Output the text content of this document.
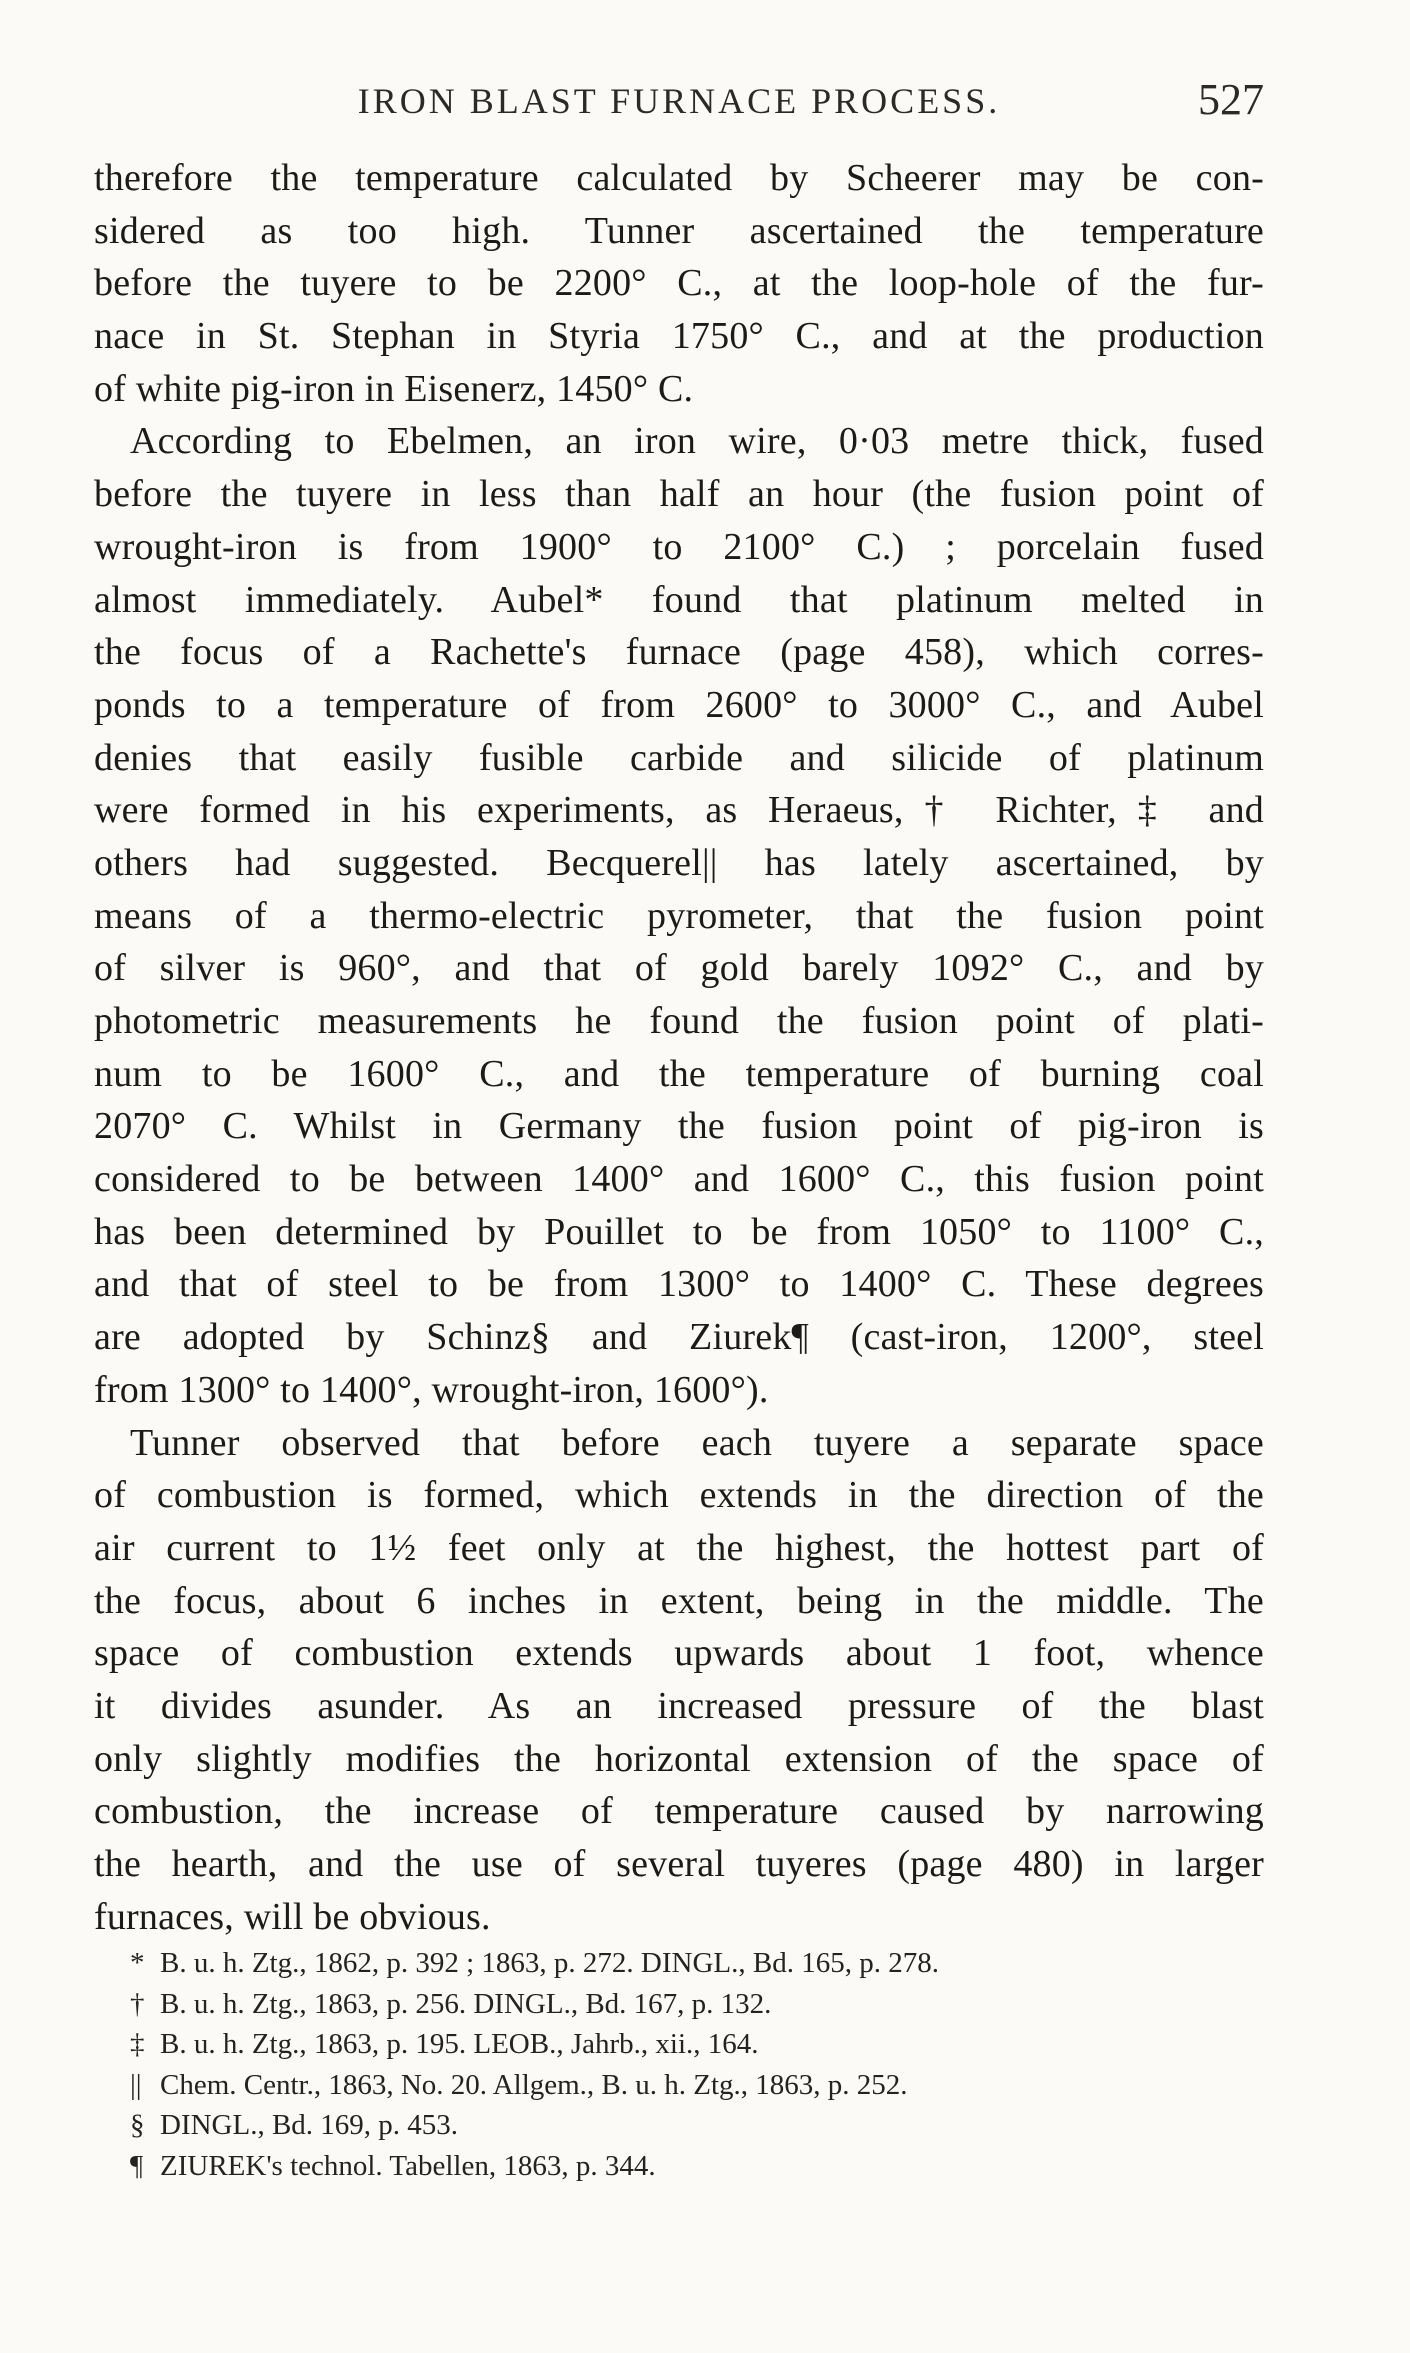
IRON BLAST FURNACE PROCESS.	527
therefore the temperature calculated by Scheerer may be con-
sidered as too high. Tunner ascertained the temperature
before the tuyere to be 2200° C., at the loop-hole of the fur-
nace in St. Stephan in Styria 1750° C., and at the production
of white pig-iron in Eisenerz, 1450° C.
According to Ebelmen, an iron wire, 0·03 metre thick, fused
before the tuyere in less than half an hour (the fusion point of
wrought-iron is from 1900° to 2100° C.) ; porcelain fused
almost immediately. Aubel* found that platinum melted in
the focus of a Rachette's furnace (page 458), which corres-
ponds to a temperature of from 2600° to 3000° C., and Aubel
denies that easily fusible carbide and silicide of platinum
were formed in his experiments, as Heraeus,† Richter,‡ and
others had suggested. Becquerel|| has lately ascertained, by
means of a thermo-electric pyrometer, that the fusion point
of silver is 960°, and that of gold barely 1092° C., and by
photometric measurements he found the fusion point of plati-
num to be 1600° C., and the temperature of burning coal
2070° C. Whilst in Germany the fusion point of pig-iron is
considered to be between 1400° and 1600° C., this fusion point
has been determined by Pouillet to be from 1050° to 1100° C.,
and that of steel to be from 1300° to 1400° C. These degrees
are adopted by Schinz§ and Ziurek¶ (cast-iron, 1200°, steel
from 1300° to 1400°, wrought-iron, 1600°).
Tunner observed that before each tuyere a separate space
of combustion is formed, which extends in the direction of the
air current to 1½ feet only at the highest, the hottest part of
the focus, about 6 inches in extent, being in the middle. The
space of combustion extends upwards about 1 foot, whence
it divides asunder. As an increased pressure of the blast
only slightly modifies the horizontal extension of the space of
combustion, the increase of temperature caused by narrowing
the hearth, and the use of several tuyeres (page 480) in larger
furnaces, will be obvious.
* B. u. h. Ztg., 1862, p. 392 ; 1863, p. 272. DINGL., Bd. 165, p. 278.
† B. u. h. Ztg., 1863, p. 256. DINGL., Bd. 167, p. 132.
‡ B. u. h. Ztg., 1863, p. 195. LEOB., Jahrb., xii., 164.
|| Chem. Centr., 1863, No. 20. Allgem., B. u. h. Ztg., 1863, p. 252.
§ DINGL., Bd. 169, p. 453.
¶ ZIUREK's technol. Tabellen, 1863, p. 344.
